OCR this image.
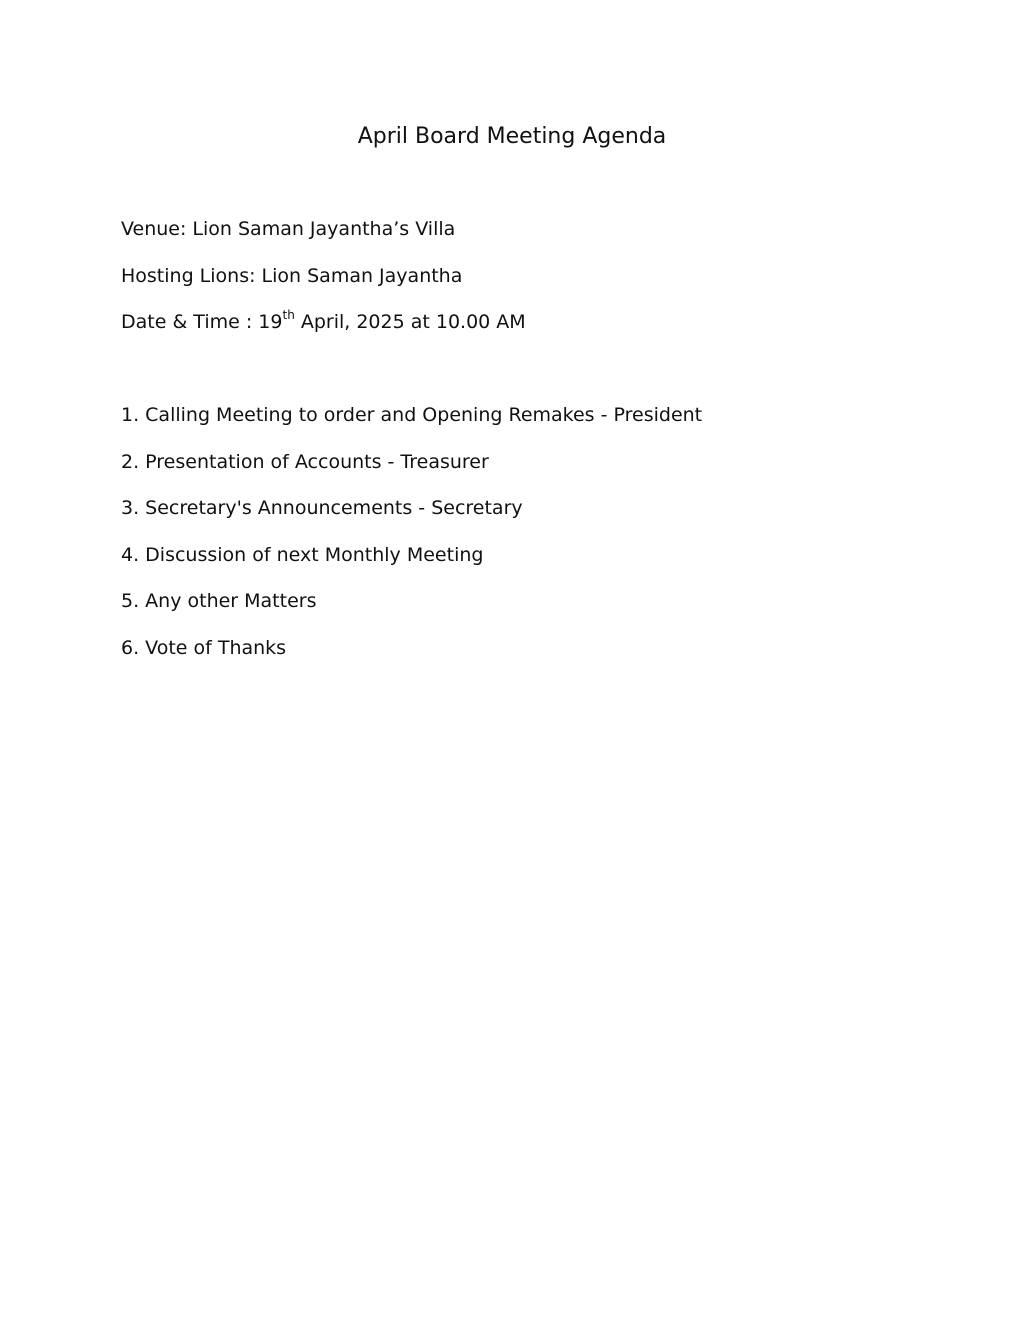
April Board Meeting Agenda
Venue: Lion Saman Jayantha’s Villa
Hosting Lions: Lion Saman Jayantha
Date & Time : 19th April, 2025 at 10.00 AM
1. Calling Meeting to order and Opening Remakes - President
2. Presentation of Accounts - Treasurer
3. Secretary's Announcements - Secretary
4. Discussion of next Monthly Meeting
5. Any other Matters
6. Vote of Thanks
